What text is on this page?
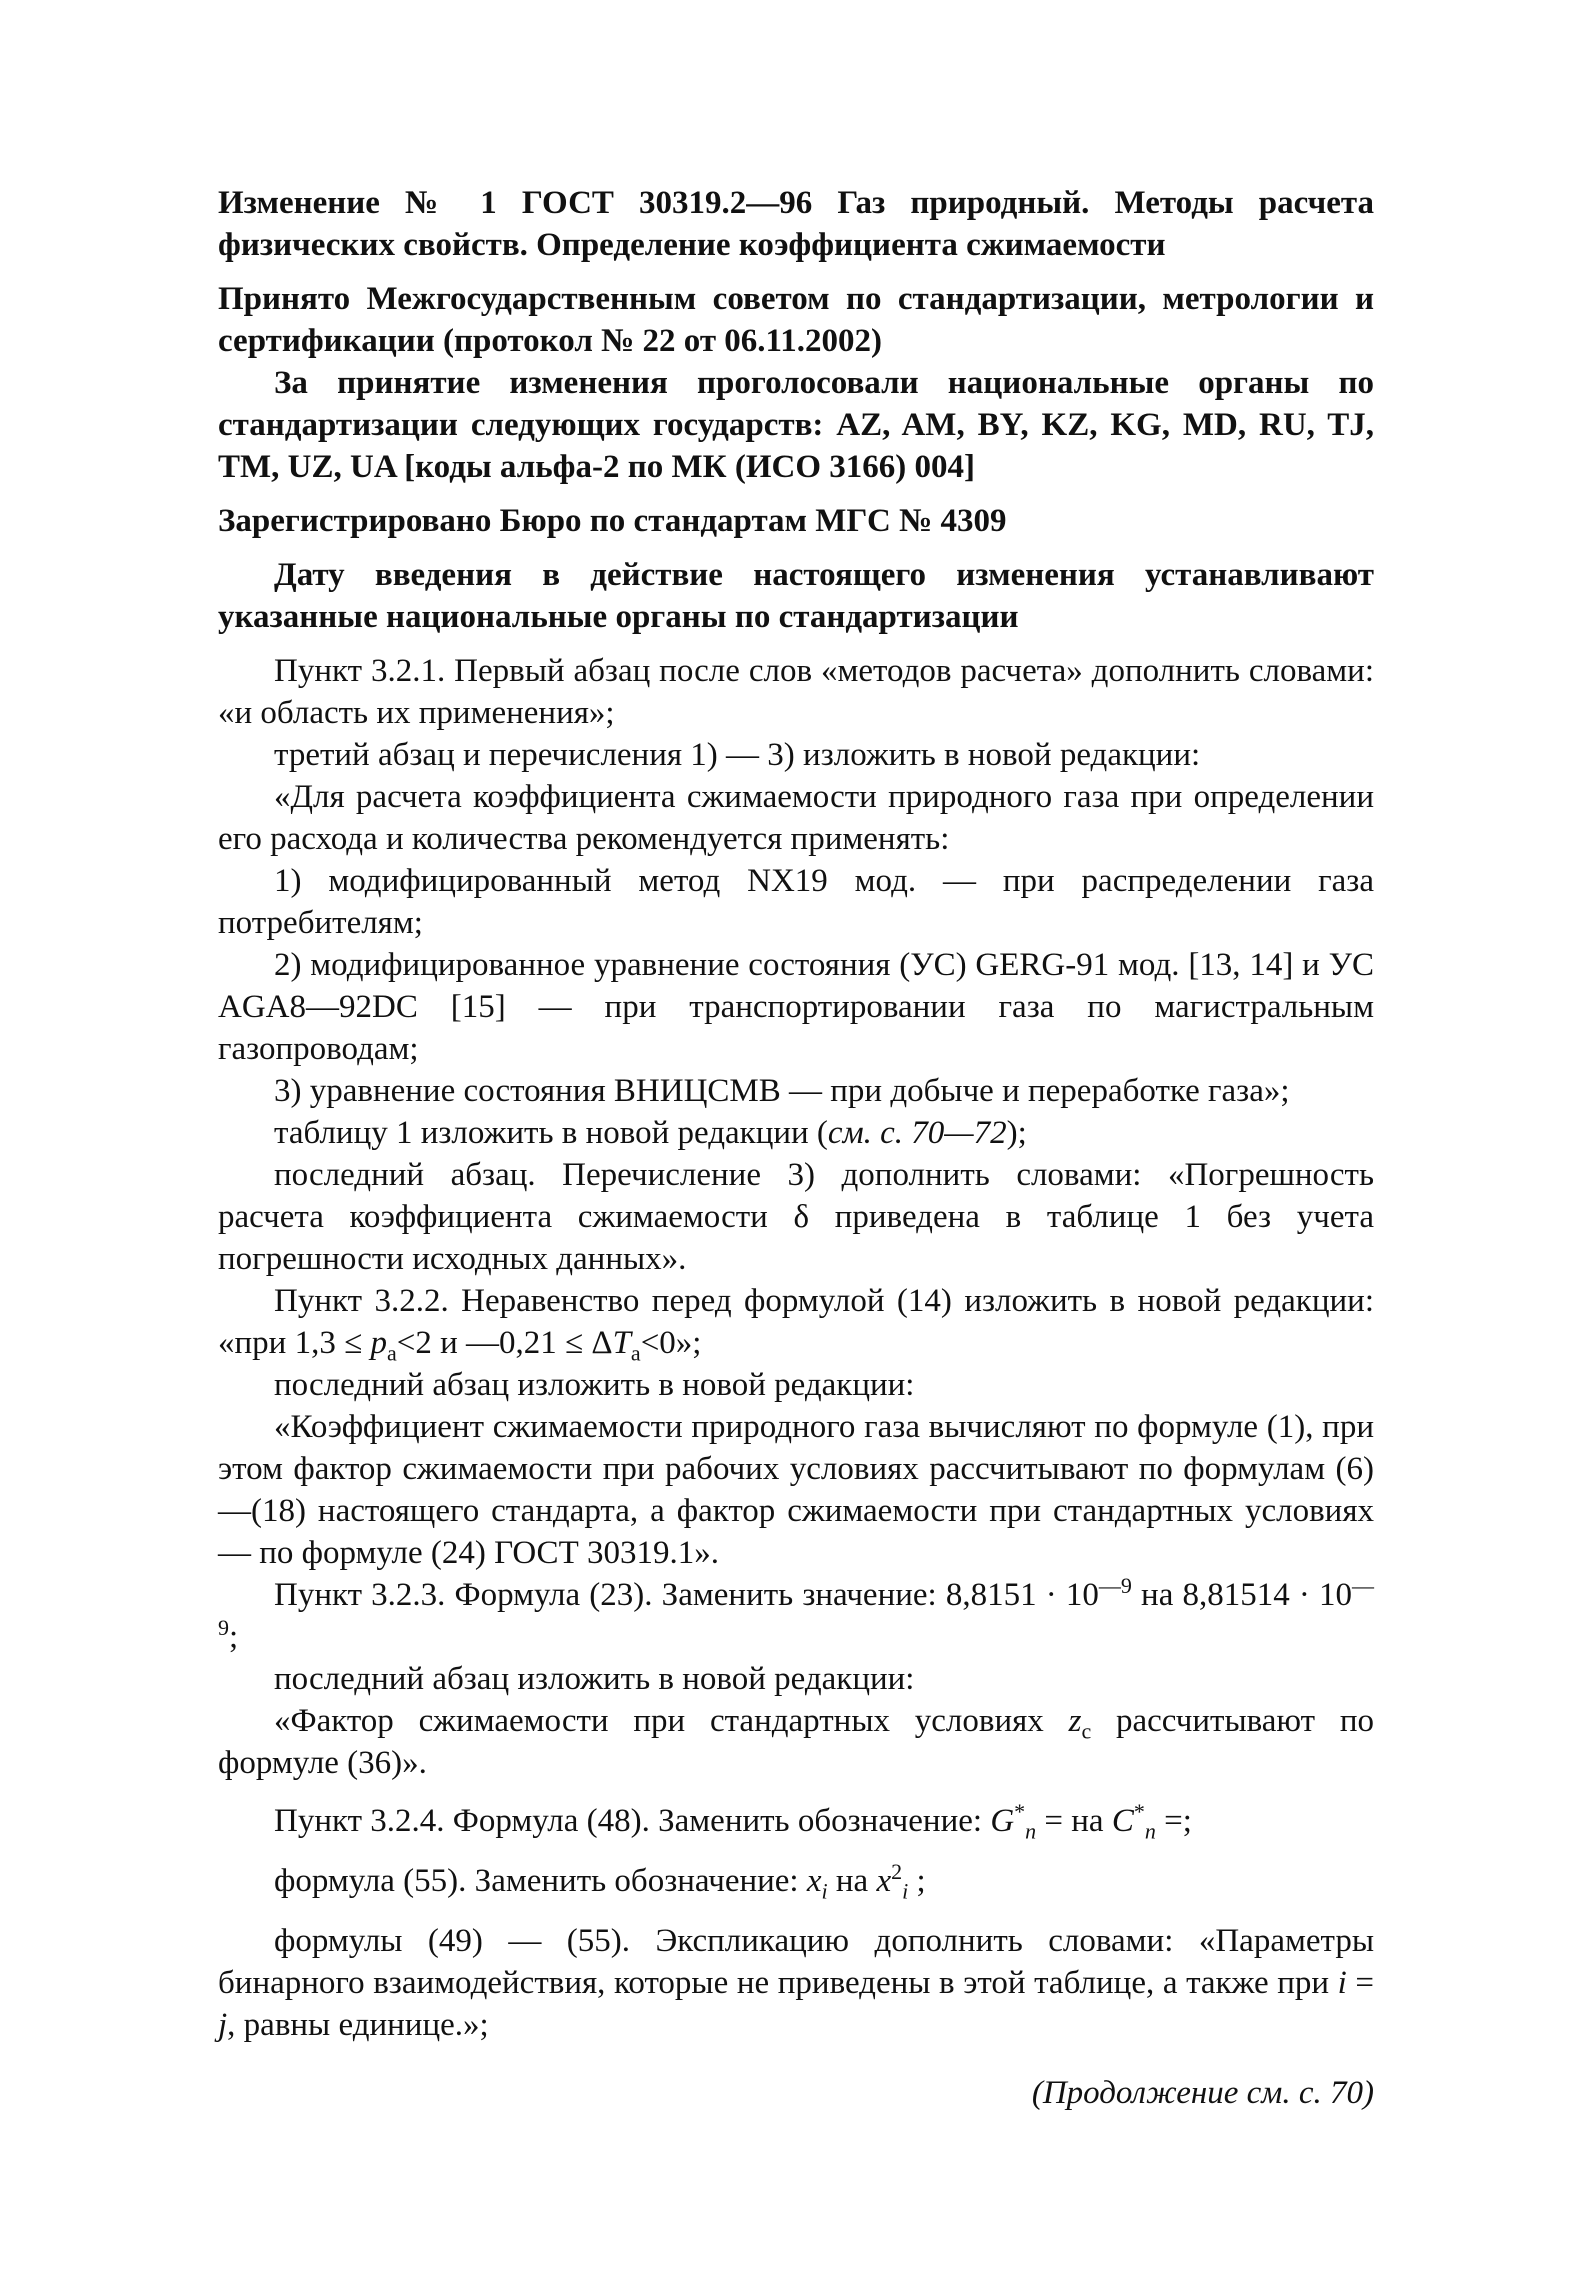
Изменение № 1 ГОСТ 30319.2—96 Газ природный. Методы расчета физических свойств. Определение коэффициента сжимаемости

Принято Межгосударственным советом по стандартизации, метрологии и сертификации (протокол № 22 от 06.11.2002)

За принятие изменения проголосовали национальные органы по стандартизации следующих государств: AZ, AM, BY, KZ, KG, MD, RU, TJ, TM, UZ, UA [коды альфа-2 по МК (ИСО 3166) 004]

Зарегистрировано Бюро по стандартам МГС № 4309

Дату введения в действие настоящего изменения устанавливают указанные национальные органы по стандартизации

Пункт 3.2.1. Первый абзац после слов «методов расчета» дополнить словами: «и область их применения»;

третий абзац и перечисления 1) — 3) изложить в новой редакции:

«Для расчета коэффициента сжимаемости природного газа при определении его расхода и количества рекомендуется применять:

1) модифицированный метод NX19 мод. — при распределении газа потребителям;

2) модифицированное уравнение состояния (УС) GERG-91 мод. [13, 14] и УС AGA8—92DC [15] — при транспортировании газа по магистральным газопроводам;

3) уравнение состояния ВНИЦСМВ — при добыче и переработке газа»;

таблицу 1 изложить в новой редакции (см. с. 70—72);

последний абзац. Перечисление 3) дополнить словами: «Погрешность расчета коэффициента сжимаемости δ приведена в таблице 1 без учета погрешности исходных данных».

Пункт 3.2.2. Неравенство перед формулой (14) изложить в новой редакции: «при $1,3 \le p_а<2$ и —0,21 ≤ $\Delta T_а<0$»;

последний абзац изложить в новой редакции:

«Коэффициент сжимаемости природного газа вычисляют по формуле (1), при этом фактор сжимаемости при рабочих условиях рассчитывают по формулам (6)—(18) настоящего стандарта, а фактор сжимаемости при стандартных условиях — по формуле (24) ГОСТ 30319.1».

Пункт 3.2.3. Формула (23). Заменить значение: $8,8151 \cdot 10^{—9}$ на $8,81514 \cdot 10^{—9}$;

последний абзац изложить в новой редакции:

«Фактор сжимаемости при стандартных условиях $z_c$ рассчитывают по формуле (36)».

Пункт 3.2.4. Формула (48). Заменить обозначение: $G^*_n$ = на $C^*_n$ =;

формула (55). Заменить обозначение: $x_i$ на $x^2_i$ ;

формулы (49) — (55). Экспликацию дополнить словами: «Параметры бинарного взаимодействия, которые не приведены в этой таблице, а также при i = j, равны единице.»;

(Продолжение см. с. 70)
